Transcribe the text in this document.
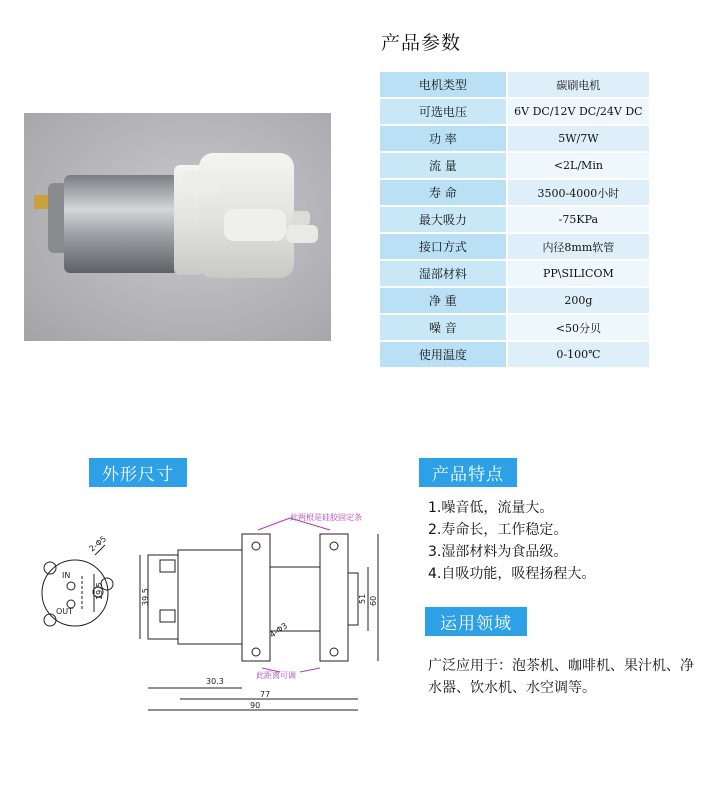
产品参数
电机类型	碳刷电机
可选电压	6V DC/12V DC/24V DC
功 率	5W/7W
流 量	<2L/Min
寿 命	3500-4000小时
最大吸力	-75KPa
接口方式	内径8mm软管
湿部材料	PP\SILICOM
净 重	200g
噪 音	<50分贝
使用温度	0-100℃
外形尺寸
2-Φ5
IN
OUT
19.5	39.5
此两根是硅胶固定条
4-Φ3
30.3
此距离可调
77
90
51 60
产品特点
1.噪音低，流量大。
2.寿命长，工作稳定。
3.湿部材料为食品级。
4.自吸功能，吸程扬程大。
运用领域
广泛应用于：泡茶机、咖啡机、果汁机、净水器、饮水机、水空调等。
